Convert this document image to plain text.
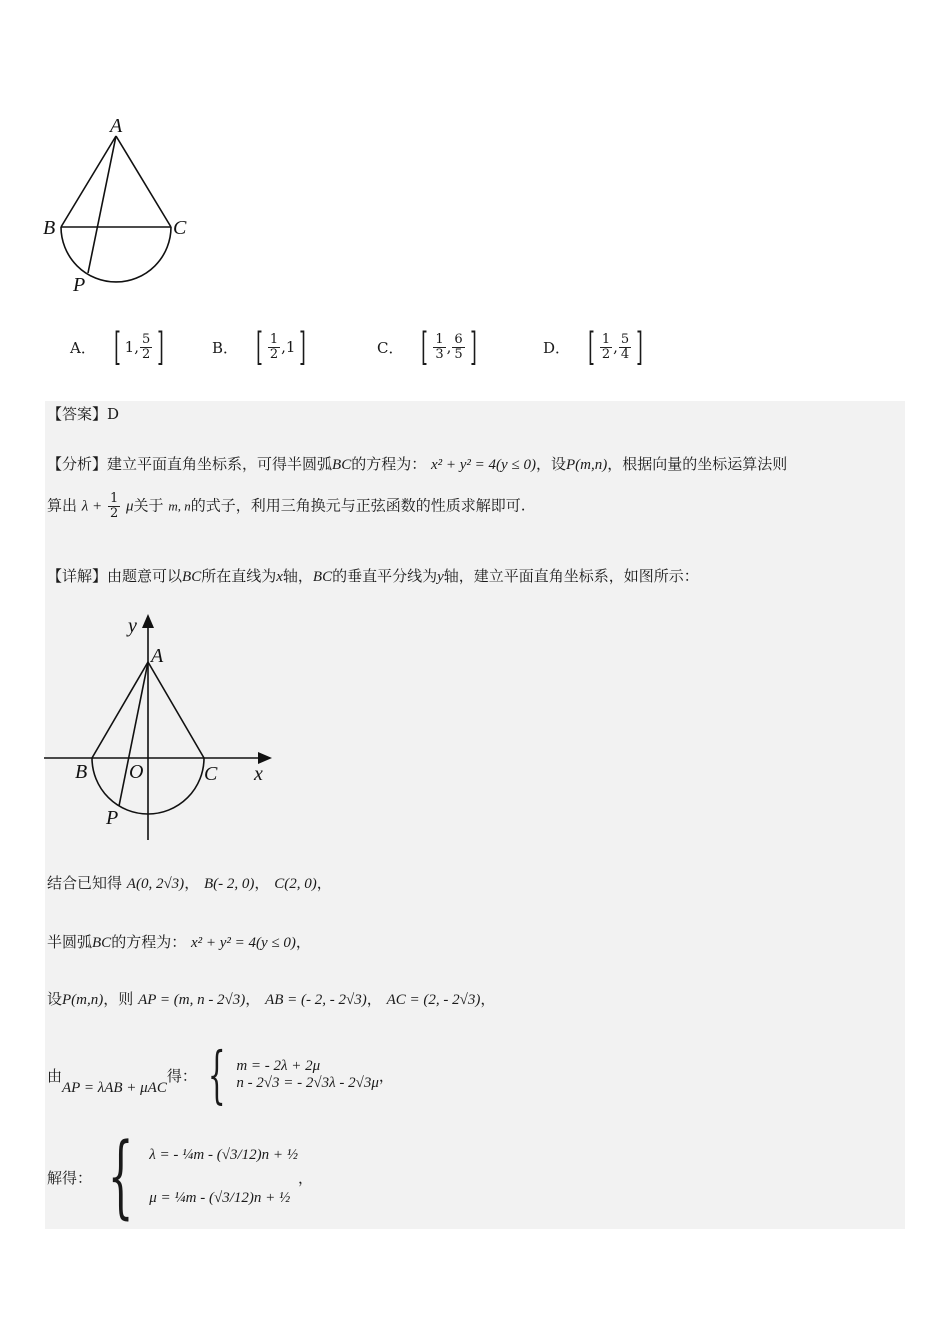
A
B	C
P
A． [ 1 , $\frac{5}{2}$ ]	B． [ $\frac{1}{2}$ , 1 ]	C． [ $\frac{1}{3}$ , $\frac{6}{5}$ ]	D． [ $\frac{1}{2}$ , $\frac{5}{4}$ ]
【答案】D
【分析】建立平面直角坐标系，可得半圆弧BC的方程为： x² + y² = 4(y ≤ 0)，设P(m,n)，根据向量的坐标运算法则
算出 $\lambda + \frac{1}{2}$ μ关于 m, n的式子，利用三角换元与正弦函数的性质求解即可.
【详解】由题意可以BC所在直线为x轴，BC的垂直平分线为y轴，建立平面直角坐标系，如图所示：
y
A
B O	C x
P
结合已知得 A(0, 2√3)， B(- 2, 0)， C(2, 0)，
半圆弧BC的方程为： x² + y² = 4(y ≤ 0)，
设P(m,n)，则 AP = (m, n - 2√3)， AB = (- 2, - 2√3)， AC = (2, - 2√3)，
由
AP = λAB + μAC
得： { m = - 2λ + 2μ
n - 2√3 = - 2√3λ - 2√3μ ，
解得： { λ = - ¼m - (√3/12)n + ½
μ = ¼m - (√3/12)n + ½
，
